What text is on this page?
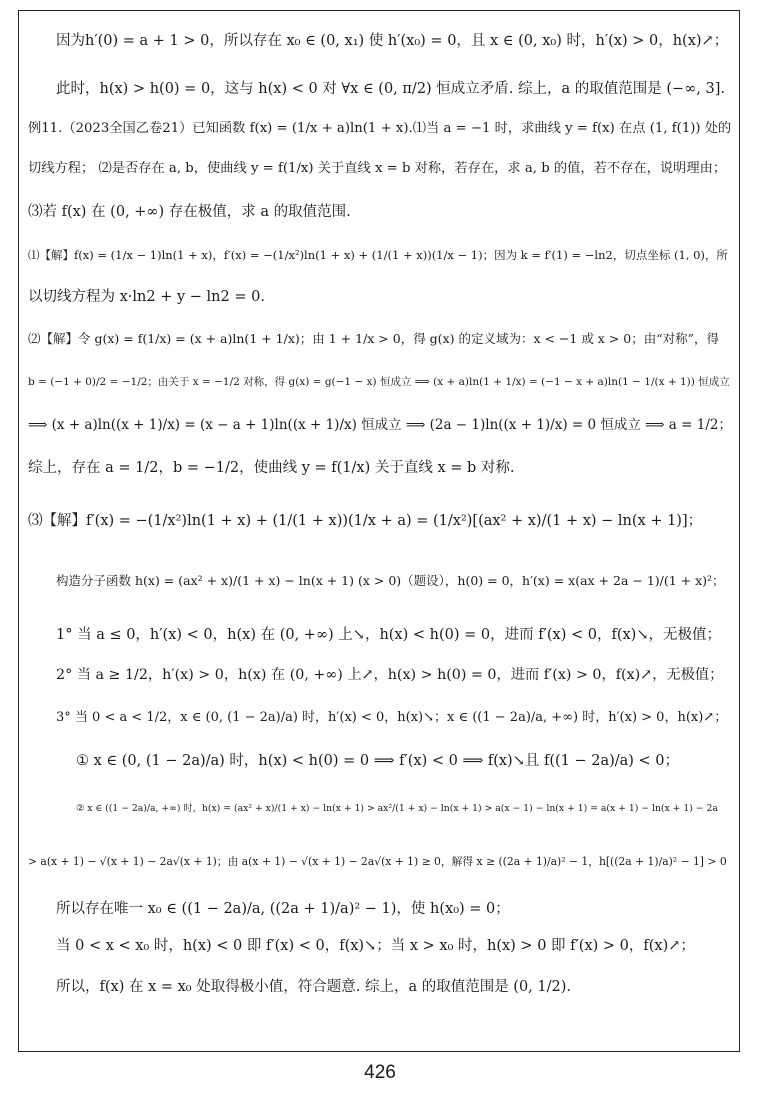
因为h′(0) = a + 1 > 0，所以存在 x₀ ∈ (0, x₁) 使 h′(x₀) = 0，且 x ∈ (0, x₀) 时，h′(x) > 0，h(x)↗；
此时，h(x) > h(0) = 0，这与 h(x) < 0 对 ∀x ∈ (0, π/2) 恒成立矛盾. 综上，a 的取值范围是 (−∞, 3].
例11.（2023全国乙卷21）已知函数 f(x) = (1/x + a)ln(1 + x).⑴当 a = −1 时，求曲线 y = f(x) 在点 (1, f(1)) 处的
切线方程； ⑵是否存在 a, b，使曲线 y = f(1/x) 关于直线 x = b 对称，若存在，求 a, b 的值，若不存在，说明理由；
⑶若 f(x) 在 (0, +∞) 存在极值，求 a 的取值范围.
⑴【解】f(x) = (1/x − 1)ln(1 + x)，f′(x) = −(1/x²)ln(1 + x) + (1/(1 + x))(1/x − 1)；因为 k = f′(1) = −ln2，切点坐标 (1, 0)，所
以切线方程为 x·ln2 + y − ln2 = 0.
⑵【解】令 g(x) = f(1/x) = (x + a)ln(1 + 1/x)；由 1 + 1/x > 0，得 g(x) 的定义域为：x < −1 或 x > 0；由“对称”，得
b = (−1 + 0)/2 = −1/2；由关于 x = −1/2 对称，得 g(x) = g(−1 − x) 恒成立 ⟹ (x + a)ln(1 + 1/x) = (−1 − x + a)ln(1 − 1/(x + 1)) 恒成立
⟹ (x + a)ln((x + 1)/x) = (x − a + 1)ln((x + 1)/x) 恒成立 ⟹ (2a − 1)ln((x + 1)/x) = 0 恒成立 ⟹ a = 1/2；
综上，存在 a = 1/2，b = −1/2，使曲线 y = f(1/x) 关于直线 x = b 对称.
⑶【解】f′(x) = −(1/x²)ln(1 + x) + (1/(1 + x))(1/x + a) = (1/x²)[(ax² + x)/(1 + x) − ln(x + 1)]；
构造分子函数 h(x) = (ax² + x)/(1 + x) − ln(x + 1) (x > 0)（题设），h(0) = 0，h′(x) = x(ax + 2a − 1)/(1 + x)²；
1° 当 a ≤ 0，h′(x) < 0，h(x) 在 (0, +∞) 上↘，h(x) < h(0) = 0，进而 f′(x) < 0，f(x)↘，无极值；
2° 当 a ≥ 1/2，h′(x) > 0，h(x) 在 (0, +∞) 上↗，h(x) > h(0) = 0，进而 f′(x) > 0，f(x)↗，无极值；
3° 当 0 < a < 1/2，x ∈ (0, (1 − 2a)/a) 时，h′(x) < 0，h(x)↘；x ∈ ((1 − 2a)/a, +∞) 时，h′(x) > 0，h(x)↗；
① x ∈ (0, (1 − 2a)/a) 时，h(x) < h(0) = 0 ⟹ f′(x) < 0 ⟹ f(x)↘且 f((1 − 2a)/a) < 0；
② x ∈ ((1 − 2a)/a, +∞) 时，h(x) = (ax² + x)/(1 + x) − ln(x + 1) > ax²/(1 + x) − ln(x + 1) > a(x − 1) − ln(x + 1) = a(x + 1) − ln(x + 1) − 2a
> a(x + 1) − √(x + 1) − 2a√(x + 1)；由 a(x + 1) − √(x + 1) − 2a√(x + 1) ≥ 0，解得 x ≥ ((2a + 1)/a)² − 1，h[((2a + 1)/a)² − 1] > 0
所以存在唯一 x₀ ∈ ((1 − 2a)/a, ((2a + 1)/a)² − 1)，使 h(x₀) = 0；
当 0 < x < x₀ 时，h(x) < 0 即 f′(x) < 0，f(x)↘；当 x > x₀ 时，h(x) > 0 即 f′(x) > 0，f(x)↗；
所以，f(x) 在 x = x₀ 处取得极小值，符合题意. 综上，a 的取值范围是 (0, 1/2).
426
